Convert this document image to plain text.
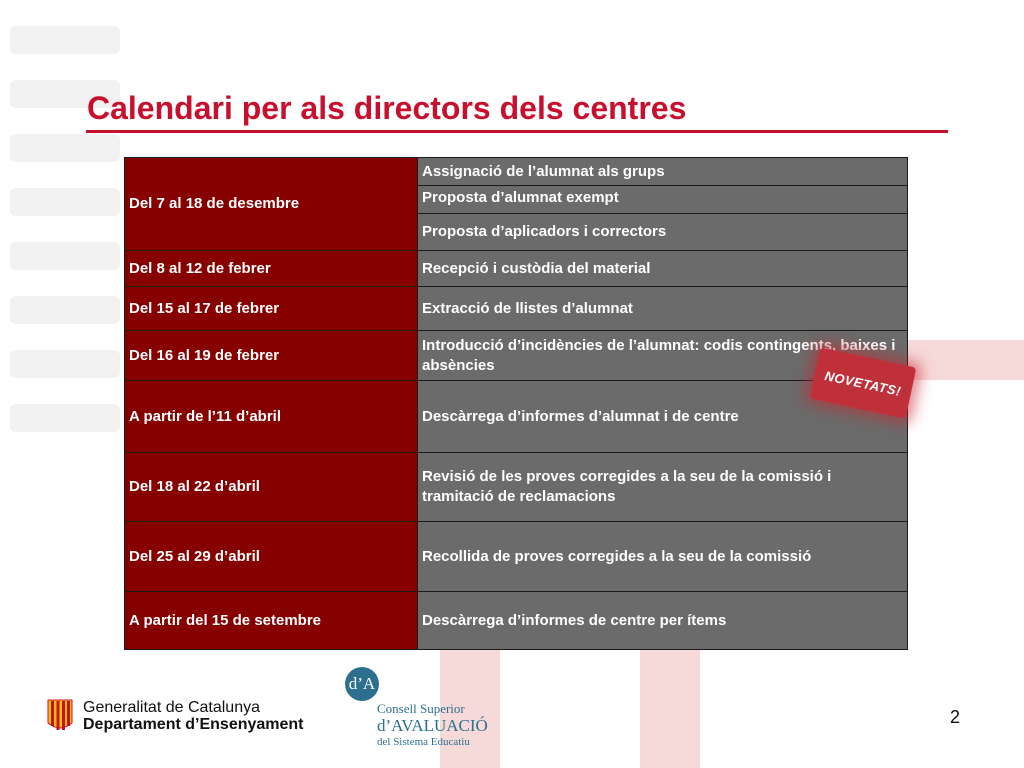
Calendari per als directors dels centres
Del 7 al 18 de desembre	Assignació de l’alumnat als grups
	Proposta d’alumnat exempt
	Proposta d’aplicadors i correctors
Del 8 al 12 de febrer	Recepció i custòdia del material
Del 15 al 17 de febrer	Extracció de llistes d’alumnat
Del 16 al 19 de febrer	Introducció d’incidències de l’alumnat: codis contingents, baixes i absències
A partir de l’11 d’abril	Descàrrega d’informes d’alumnat i de centre
Del 18 al 22 d’abril	Revisió de les proves corregides a la seu de la comissió i tramitació de reclamacions
Del 25 al 29 d’abril	Recollida de proves corregides a la seu de la comissió
A partir del 15 de setembre	Descàrrega d’informes de centre per ítems
NOVETATS!
Generalitat de Catalunya
Departament d’Ensenyament
d’A
Consell Superior
d’AVALUACIÓ
del Sistema Educatiu
2
